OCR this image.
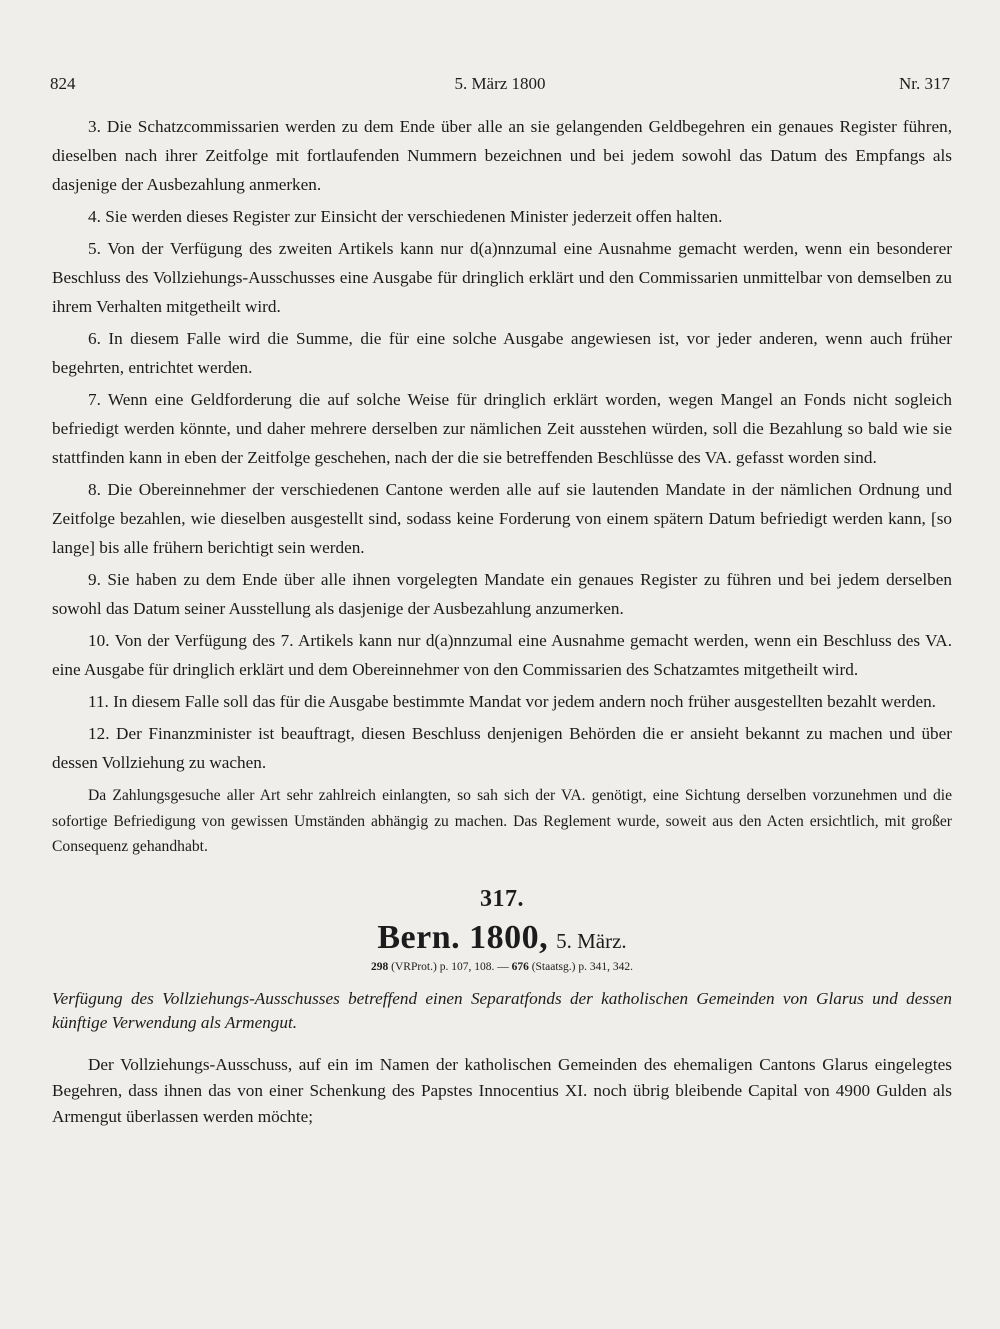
824	5. März 1800	Nr. 317

3. Die Schatzcommissarien werden zu dem Ende über alle an sie gelangenden Geldbegehren ein genaues Register führen, dieselben nach ihrer Zeitfolge mit fortlaufenden Nummern bezeichnen und bei jedem sowohl das Datum des Empfangs als dasjenige der Ausbezahlung anmerken.

4. Sie werden dieses Register zur Einsicht der verschiedenen Minister jederzeit offen halten.

5. Von der Verfügung des zweiten Artikels kann nur d(a)nnzumal eine Ausnahme gemacht werden, wenn ein besonderer Beschluss des Vollziehungs-Ausschusses eine Ausgabe für dringlich erklärt und den Commissarien unmittelbar von demselben zu ihrem Verhalten mitgetheilt wird.

6. In diesem Falle wird die Summe, die für eine solche Ausgabe angewiesen ist, vor jeder anderen, wenn auch früher begehrten, entrichtet werden.

7. Wenn eine Geldforderung die auf solche Weise für dringlich erklärt worden, wegen Mangel an Fonds nicht sogleich befriedigt werden könnte, und daher mehrere derselben zur nämlichen Zeit ausstehen würden, soll die Bezahlung so bald wie sie stattfinden kann in eben der Zeitfolge geschehen, nach der die sie betreffenden Beschlüsse des VA. gefasst worden sind.

8. Die Obereinnehmer der verschiedenen Cantone werden alle auf sie lautenden Mandate in der nämlichen Ordnung und Zeitfolge bezahlen, wie dieselben ausgestellt sind, sodass keine Forderung von einem spätern Datum befriedigt werden kann, [so lange] bis alle frühern berichtigt sein werden.

9. Sie haben zu dem Ende über alle ihnen vorgelegten Mandate ein genaues Register zu führen und bei jedem derselben sowohl das Datum seiner Ausstellung als dasjenige der Ausbezahlung anzumerken.

10. Von der Verfügung des 7. Artikels kann nur d(a)nnzumal eine Ausnahme gemacht werden, wenn ein Beschluss des VA. eine Ausgabe für dringlich erklärt und dem Obereinnehmer von den Commissarien des Schatzamtes mitgetheilt wird.

11. In diesem Falle soll das für die Ausgabe bestimmte Mandat vor jedem andern noch früher ausgestellten bezahlt werden.

12. Der Finanzminister ist beauftragt, diesen Beschluss denjenigen Behörden die er ansieht bekannt zu machen und über dessen Vollziehung zu wachen.

Da Zahlungsgesuche aller Art sehr zahlreich einlangten, so sah sich der VA. genötigt, eine Sichtung derselben vorzunehmen und die sofortige Befriedigung von gewissen Umständen abhängig zu machen. Das Reglement wurde, soweit aus den Acten ersichtlich, mit großer Consequenz gehandhabt.

317.
Bern. 1800, 5. März.
298 (VRProt.) p. 107, 108. — 676 (Staatsg.) p. 341, 342.

Verfügung des Vollziehungs-Ausschusses betreffend einen Separatfonds der katholischen Gemeinden von Glarus und dessen künftige Verwendung als Armengut.

Der Vollziehungs-Ausschuss, auf ein im Namen der katholischen Gemeinden des ehemaligen Cantons Glarus eingelegtes Begehren, dass ihnen das von einer Schenkung des Papstes Innocentius XI. noch übrig bleibende Capital von 4900 Gulden als Armengut überlassen werden möchte;
